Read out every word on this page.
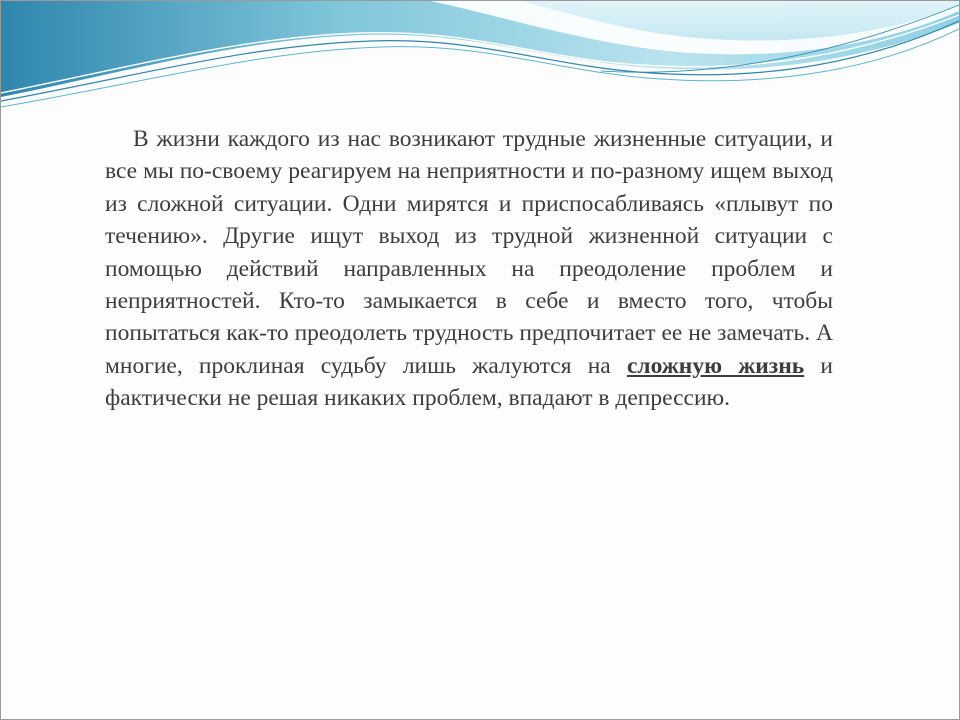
В жизни каждого из нас возникают трудные жизненные ситуации, и все мы по-своему реагируем на неприятности и по-разному ищем выход из сложной ситуации. Одни мирятся и приспосабливаясь «плывут по течению». Другие ищут выход из трудной жизненной ситуации с помощью действий направленных на преодоление проблем и неприятностей. Кто-то замыкается в себе и вместо того, чтобы попытаться как-то преодолеть трудность предпочитает ее не замечать. А многие, проклиная судьбу лишь жалуются на сложную жизнь и фактически не решая никаких проблем, впадают в депрессию.
